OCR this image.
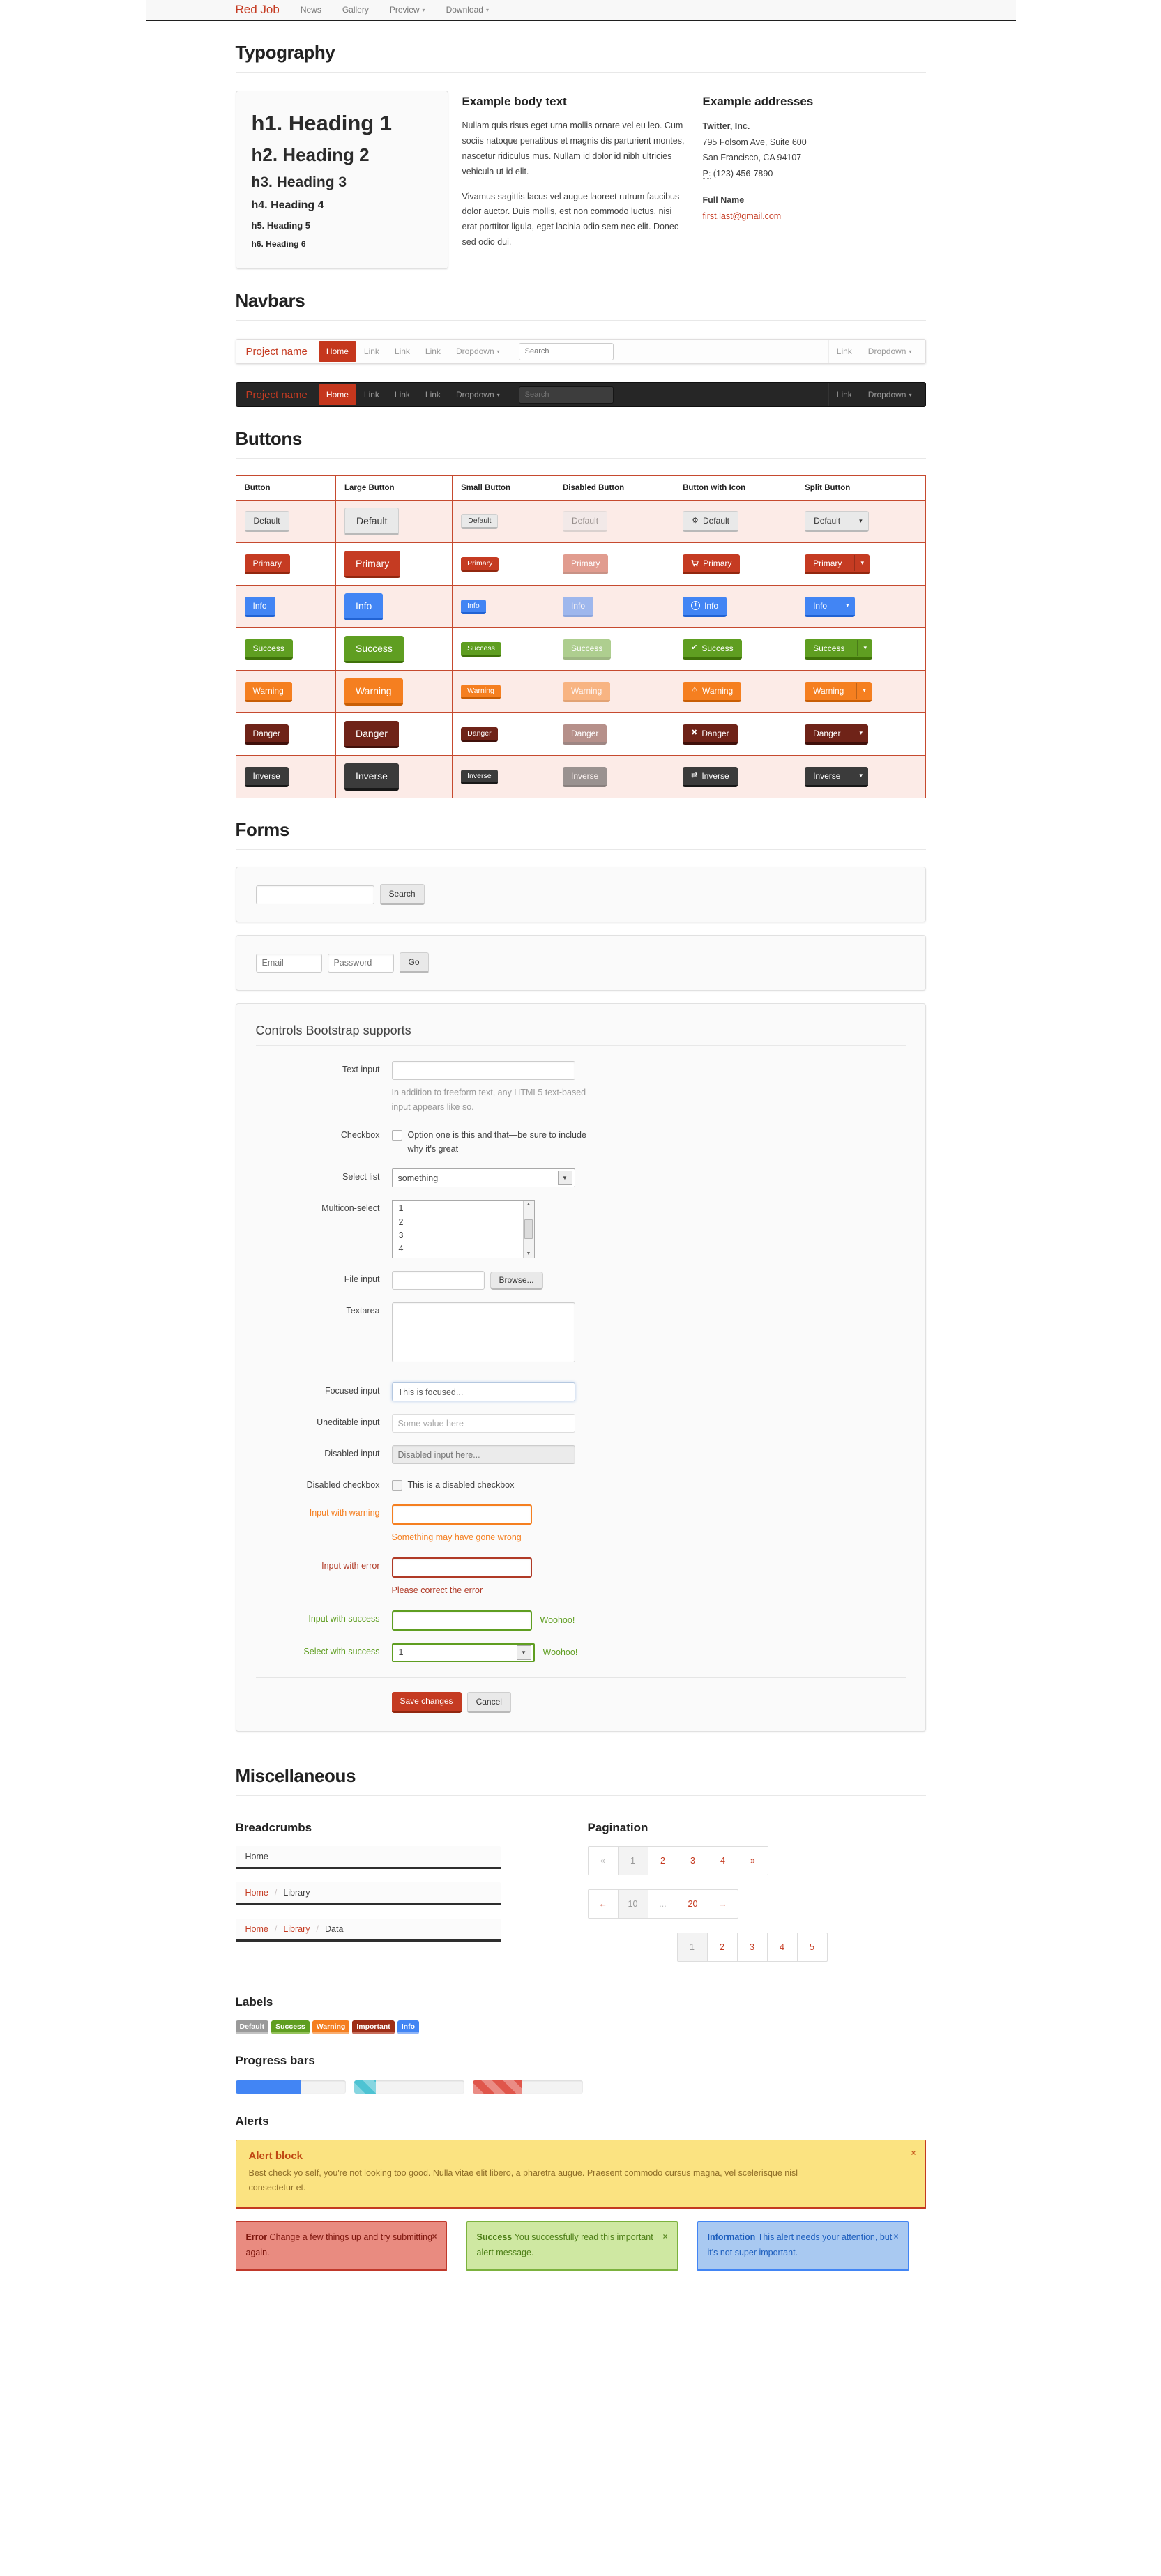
Red Job	News	Gallery	Preview ▾	Download ▾
Typography
h1. Heading 1
h2. Heading 2
h3. Heading 3
h4. Heading 4
h5. Heading 5
h6. Heading 6
Example body text

Nullam quis risus eget urna mollis ornare vel eu leo. Cum sociis natoque penatibus et magnis dis parturient montes, nascetur ridiculus mus. Nullam id dolor id nibh ultricies vehicula ut id elit.

Vivamus sagittis lacus vel augue laoreet rutrum faucibus dolor auctor. Duis mollis, est non commodo luctus, nisi erat porttitor ligula, eget lacinia odio sem nec elit. Donec sed odio dui.

Example addresses
Twitter, Inc.
795 Folsom Ave, Suite 600
San Francisco, CA 94107
P: (123) 456-7890
Full Name
first.last@gmail.com
Navbars
Project name	Home	Link	Link	Link	Dropdown ▾
Search	Link	Dropdown ▾
Project name	Home	Link	Link	Link	Dropdown ▾
Search	Link	Dropdown ▾
Buttons
Button	Large Button	Small Button	Disabled Button	Button with Icon	Split Button

Default	Default	Default	Default	⚙ Default	Default ▾

Primary	Primary	Primary	Primary	Primary	Primary ▾

Info	Info	Info	Info	! Info	Info ▾

Success	Success	Success	Success	✔ Success	Success ▾

Warning	Warning	Warning	Warning	⚠ Warning	Warning ▾

Danger	Danger	Danger	Danger	✖ Danger	Danger ▾

Inverse	Inverse	Inverse	Inverse	⇄ Inverse	Inverse ▾
Forms
Search
Email
Password
Go
Controls Bootstrap supports
Text input
In addition to freeform text, any HTML5 text-based input appears like so.
Checkbox	Option one is this and that—be sure to include why it's great
Select list	something	▼
Multicon-select	1
2
3
4
▲
▼
File input	Browse...
Textarea
Focused input
This is focused...
Uneditable input
Some value here
Disabled input
Disabled input here...
Disabled checkbox	This is a disabled checkbox
Input with warning
Something may have gone wrong
Input with error
Please correct the error
Input with success	Woohoo!
Select with success	1	▼	Woohoo!
Save changes	Cancel
Miscellaneous
Breadcrumbs
Home
Home / Library
Home / Library / Data
Pagination
«	1	2	3	4	»
←	10	...	20	→
1	2	3	4	5
Labels
Default Success Warning Important Info
Progress bars
Alerts
×
Alert block
Best check yo self, you're not looking too good. Nulla vitae elit libero, a pharetra augue. Praesent commodo cursus magna, vel scelerisque nisl consectetur et.
×
Error Change a few things up and try submitting again.
×
Success You successfully read this important alert message.
×
Information This alert needs your attention, but it's not super important.
